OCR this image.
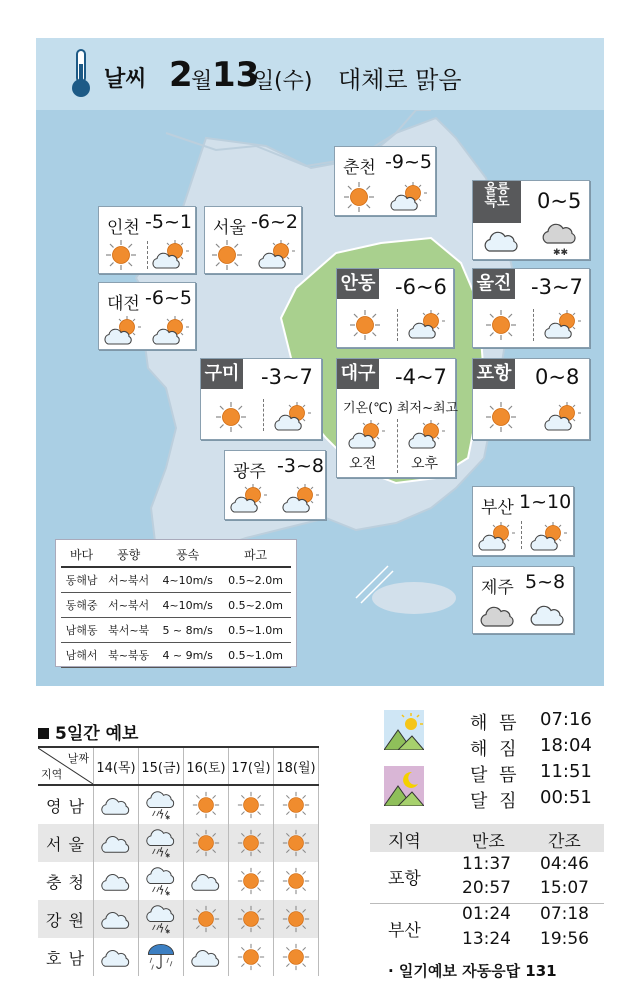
날씨 2
월 13
일 (수) 대체로 맑음
춘천 -9~5
인천 -5~1 서울 -6~2
대전 -6~5
울릉
독도	0~5
안동 -6~6 울진 -3~7
구미 -3~7 대구 -4~7
기온(℃) 최저~최고
오전 오후
포항 0~8
광주 -3~8
부산 1~10
제주 5~8
바다	풍향	풍속	파고
동해남	서~북서	4~10m/s	0.5~2.0m
동해중	서~북서	4~10m/s	0.5~2.0m
남해동	북서~북	5 ~ 8m/s	0.5~1.0m
남해서	북~북동	4 ~ 9m/s	0.5~1.0m
5일간 예보
날짜
지역	14(목)	15(금)	16(토)	17(일)	18(월)
영 남					
서 울					
충 청					
강 원					
호 남					
해 뜸 07:16
해 짐 18:04
달 뜸 11:51
달 짐 00:51
지역	만조	간조
포항
11:37 04:46
20:57 15:07
부산
01:24 07:18
13:24 19:56
· 일기예보 자동응답 131
